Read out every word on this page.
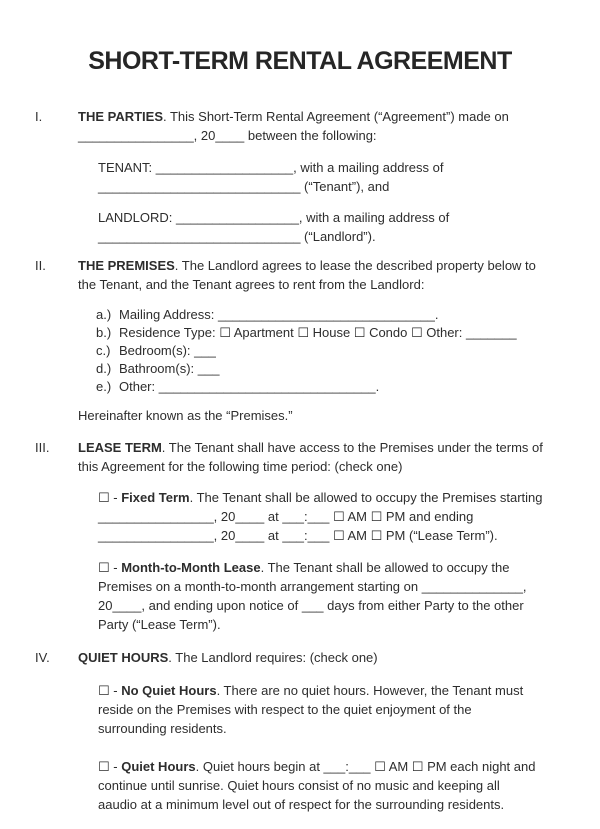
SHORT-TERM RENTAL AGREEMENT
I.	THE PARTIES. This Short-Term Rental Agreement (“Agreement”) made on
________________, 20____ between the following:
TENANT: ___________________, with a mailing address of
____________________________ (“Tenant”), and
LANDLORD: _________________, with a mailing address of
____________________________ (“Landlord”).
II.	THE PREMISES. The Landlord agrees to lease the described property below to
the Tenant, and the Tenant agrees to rent from the Landlord:
a.) Mailing Address: ______________________________.
b.) Residence Type: ☐ Apartment ☐ House ☐ Condo ☐ Other: _______
c.) Bedroom(s): ___
d.) Bathroom(s): ___
e.) Other: ______________________________.
Hereinafter known as the “Premises.”
III.	LEASE TERM. The Tenant shall have access to the Premises under the terms of
this Agreement for the following time period: (check one)
☐ - Fixed Term. The Tenant shall be allowed to occupy the Premises starting
________________, 20____ at ___:___ ☐ AM ☐ PM and ending
________________, 20____ at ___:___ ☐ AM ☐ PM (“Lease Term”).
☐ - Month-to-Month Lease. The Tenant shall be allowed to occupy the
Premises on a month-to-month arrangement starting on ______________,
20____, and ending upon notice of ___ days from either Party to the other
Party (“Lease Term”).
IV.	QUIET HOURS. The Landlord requires: (check one)
☐ - No Quiet Hours. There are no quiet hours. However, the Tenant must
reside on the Premises with respect to the quiet enjoyment of the
surrounding residents.
☐ - Quiet Hours. Quiet hours begin at ___:___ ☐ AM ☐ PM each night and
continue until sunrise. Quiet hours consist of no music and keeping all
aaudio at a minimum level out of respect for the surrounding residents.
